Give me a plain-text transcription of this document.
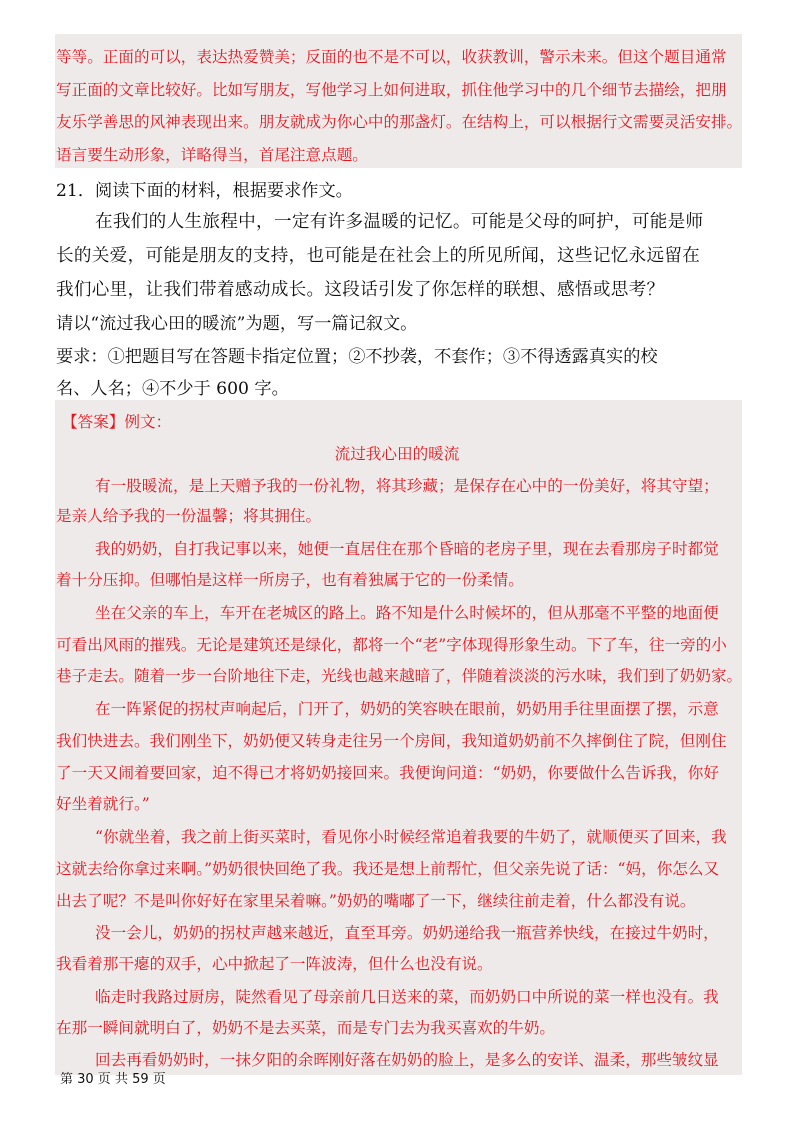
等等。正面的可以，表达热爱赞美；反面的也不是不可以，收获教训，警示未来。但这个题目通常
写正面的文章比较好。比如写朋友，写他学习上如何进取，抓住他学习中的几个细节去描绘，把朋
友乐学善思的风神表现出来。朋友就成为你心中的那盏灯。在结构上，可以根据行文需要灵活安排。
语言要生动形象，详略得当，首尾注意点题。
21．阅读下面的材料，根据要求作文。
在我们的人生旅程中，一定有许多温暖的记忆。可能是父母的呵护，可能是师
长的关爱，可能是朋友的支持，也可能是在社会上的所见所闻，这些记忆永远留在
我们心里，让我们带着感动成长。这段话引发了你怎样的联想、感悟或思考？
请以“流过我心田的暖流”为题，写一篇记叙文。
要求：①把题目写在答题卡指定位置；②不抄袭，不套作；③不得透露真实的校
名、人名；④不少于 600 字。
【答案】例文：
流过我心田的暖流
有一股暖流，是上天赠予我的一份礼物，将其珍藏；是保存在心中的一份美好，将其守望；
是亲人给予我的一份温馨；将其拥住。
我的奶奶，自打我记事以来，她便一直居住在那个昏暗的老房子里，现在去看那房子时都觉
着十分压抑。但哪怕是这样一所房子，也有着独属于它的一份柔情。
坐在父亲的车上，车开在老城区的路上。路不知是什么时候坏的，但从那毫不平整的地面便
可看出风雨的摧残。无论是建筑还是绿化，都将一个“老”字体现得形象生动。下了车，往一旁的小
巷子走去。随着一步一台阶地往下走，光线也越来越暗了，伴随着淡淡的污水味，我们到了奶奶家。
在一阵紧促的拐杖声响起后，门开了，奶奶的笑容映在眼前，奶奶用手往里面摆了摆，示意
我们快进去。我们刚坐下，奶奶便又转身走往另一个房间，我知道奶奶前不久摔倒住了院，但刚住
了一天又闹着要回家，迫不得已才将奶奶接回来。我便询问道：“奶奶，你要做什么告诉我，你好
好坐着就行。”
“你就坐着，我之前上街买菜时，看见你小时候经常追着我要的牛奶了，就顺便买了回来，我
这就去给你拿过来啊。”奶奶很快回绝了我。我还是想上前帮忙，但父亲先说了话：“妈，你怎么又
出去了呢？不是叫你好好在家里呆着嘛。”奶奶的嘴嘟了一下，继续往前走着，什么都没有说。
没一会儿，奶奶的拐杖声越来越近，直至耳旁。奶奶递给我一瓶营养快线，在接过牛奶时，
我看着那干瘪的双手，心中掀起了一阵波涛，但什么也没有说。
临走时我路过厨房，陡然看见了母亲前几日送来的菜，而奶奶口中所说的菜一样也没有。我
在那一瞬间就明白了，奶奶不是去买菜，而是专门去为我买喜欢的牛奶。
回去再看奶奶时，一抹夕阳的余晖刚好落在奶奶的脸上，是多么的安详、温柔，那些皱纹显
第 30 页 共 59 页
